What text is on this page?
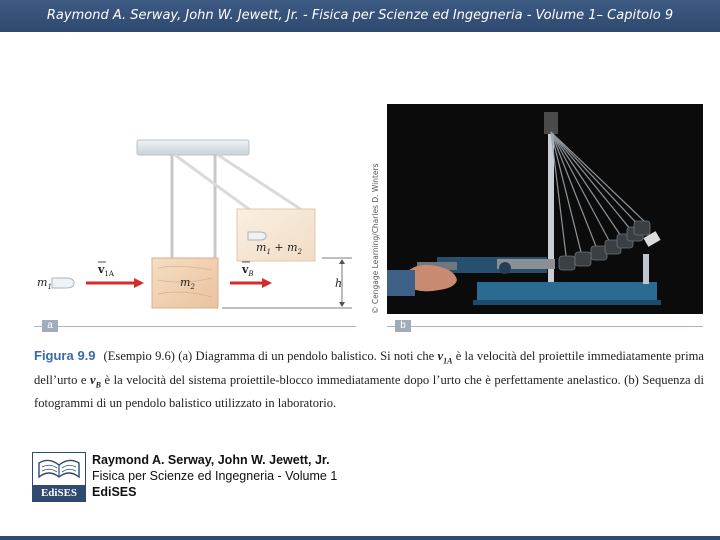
Raymond A. Serway, John W. Jewett, Jr. - Fisica per Scienze ed Ingegneria - Volume 1– Capitolo 9
$m_1$
$v_{1A}$
$m_2$
$v_B$
$m_1 + m_2$
h	© Cengage Learning/Charles D. Winters
a	b
Figura 9.9 (Esempio 9.6) (a) Diagramma di un pendolo balistico. Si noti che $v_{1A}$ è la velocità del proiettile immediatamente prima dell’urto e $v_B$ è la velocità del sistema proiettile-blocco immediatamente dopo l’urto che è perfettamente anelastico. (b) Sequenza di fotogrammi di un pendolo balistico utilizzato in laboratorio.
EdiSES
Raymond A. Serway, John W. Jewett, Jr.
Fisica per Scienze ed Ingegneria - Volume 1
EdiSES
